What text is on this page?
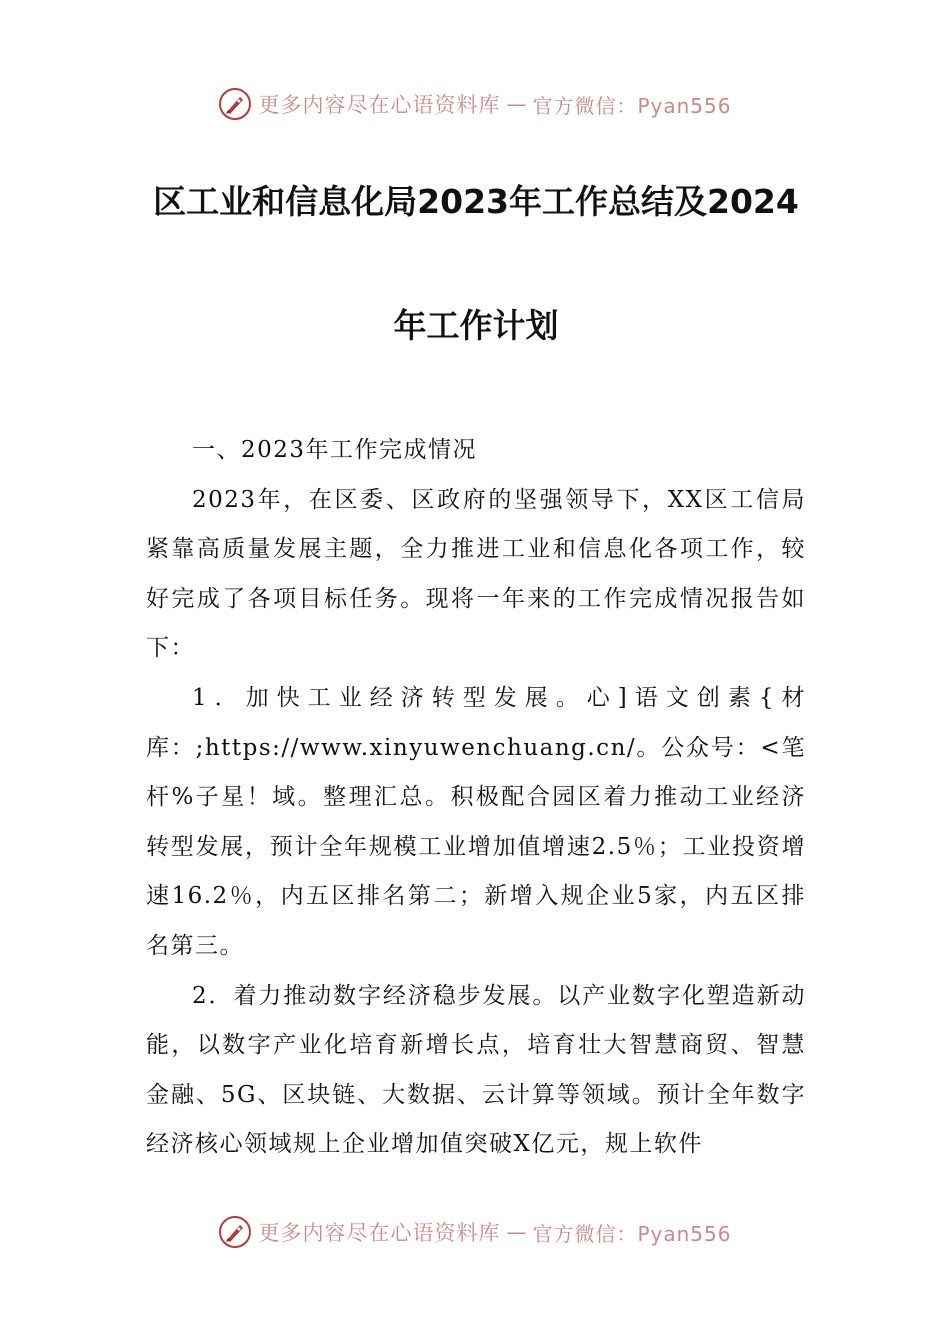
更多内容尽在心语资料库 — 官方微信：Pyan556
区工业和信息化局2023年工作总结及2024
年工作计划

一、2023年工作完成情况

2023年，在区委、区政府的坚强领导下，XX区工信局紧靠高质量发展主题，全力推进工业和信息化各项工作，较好完成了各项目标任务。现将一年来的工作完成情况报告如下：

1．加快工业经济转型发展。心]语文创素{材库：;https://www.xinyuwenchuang.cn/。公众号：<笔杆%子星！域。整理汇总。积极配合园区着力推动工业经济转型发展，预计全年规模工业增加值增速2.5％；工业投资增速16.2％，内五区排名第二；新增入规企业5家，内五区排名第三。

2．着力推动数字经济稳步发展。以产业数字化塑造新动能，以数字产业化培育新增长点，培育壮大智慧商贸、智慧金融、5G、区块链、大数据、云计算等领域。预计全年数字经济核心领域规上企业增加值突破X亿元，规上软件

更多内容尽在心语资料库 — 官方微信：Pyan556
